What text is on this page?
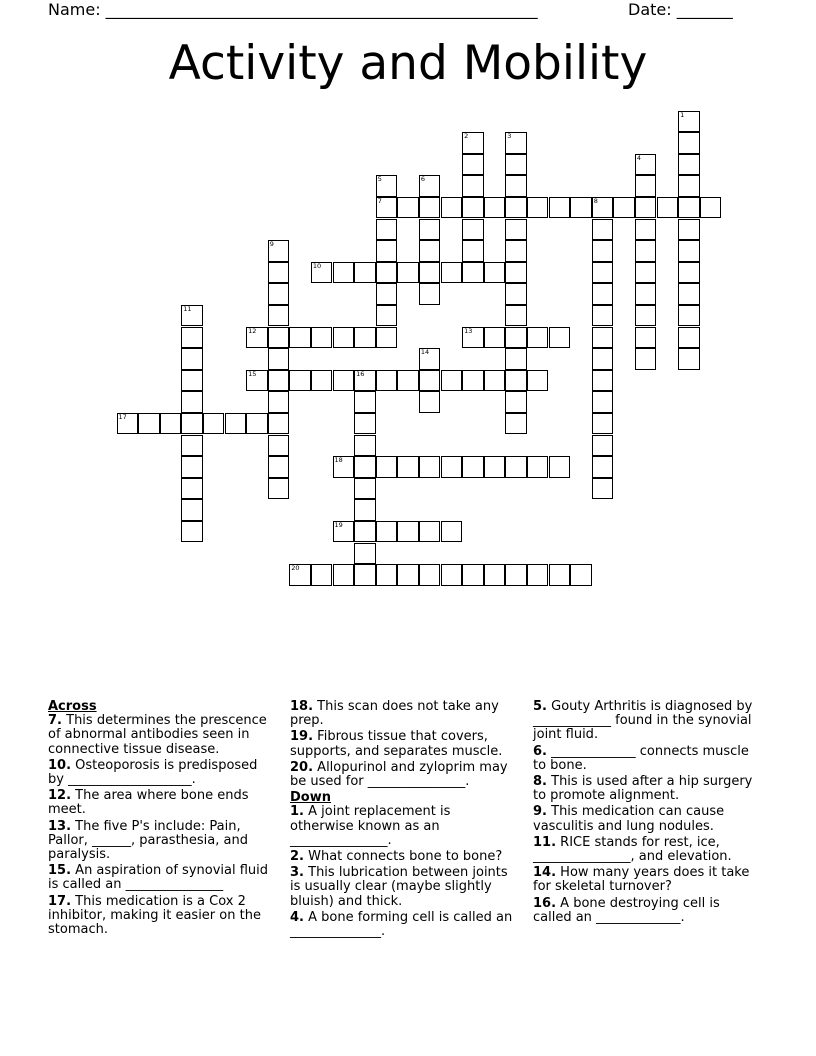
Name: ______________________________________________________	Date: _______
Activity and Mobility
7	8
10
12	13
15	16
17
18
19
20
1
2	3
4
5	6
9
11
14
Across
7. This determines the prescence of abnormal antibodies seen in connective tissue disease.
10. Osteoporosis is predisposed by ___________________.
12. The area where bone ends meet.
13. The five P's include: Pain, Pallor, ______, parasthesia, and paralysis.
15. An aspiration of synovial fluid is called an _______________
17. This medication is a Cox 2 inhibitor, making it easier on the stomach.
18. This scan does not take any prep.
19. Fibrous tissue that covers, supports, and separates muscle.
20. Allopurinol and zyloprim may be used for _______________.
Down
1. A joint replacement is otherwise known as an _______________.
2. What connects bone to bone?
3. This lubrication between joints is usually clear (maybe slightly bluish) and thick.
4. A bone forming cell is called an ______________.
5. Gouty Arthritis is diagnosed by ____________ found in the synovial joint fluid.
6. _____________ connects muscle to bone.
8. This is used after a hip surgery to promote alignment.
9. This medication can cause vasculitis and lung nodules.
11. RICE stands for rest, ice, _______________, and elevation.
14. How many years does it take for skeletal turnover?
16. A bone destroying cell is called an _____________.
